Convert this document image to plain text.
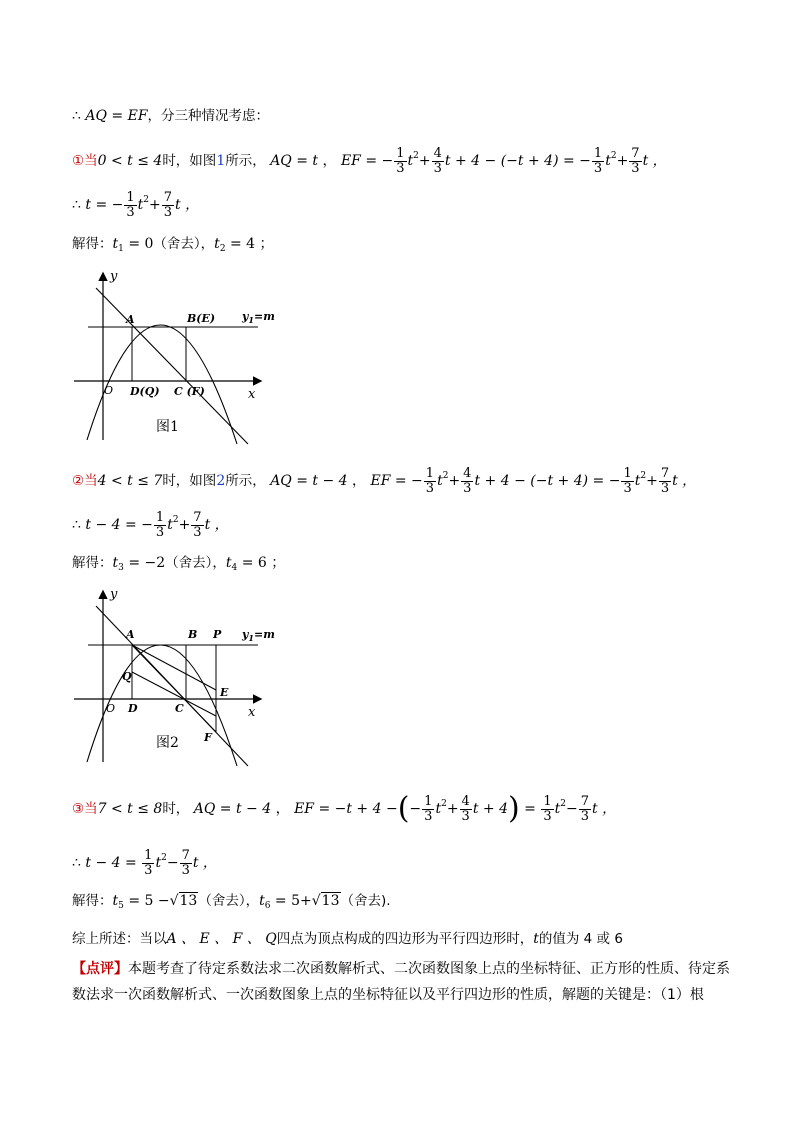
∴ AQ = EF，分三种情况考虑：
①当0 < t ≤ 4时，如图1所示， AQ = t ， EF = − $\frac{1}{3} t^2+ \frac{4}{3}$ t + 4 − (−t + 4) = − $\frac{1}{3} t^2+ \frac{7}{3}$ t ，
∴ t = − $\frac{1}{3} t^2+ \frac{7}{3}$ t ，
解得：$t_1 = 0$（舍去），$t_2 = 4$ ；
y
x
O
A	B(E) $y_1=m$
D(Q) C (F)
图1
②当4 < t ≤ 7时，如图2所示， AQ = t − 4 ， EF = − $\frac{1}{3} t^2+ \frac{4}{3}$ t + 4 − (−t + 4) = − $\frac{1}{3} t^2+ \frac{7}{3}$ t ，
∴ t − 4 = − $\frac{1}{3} t^2+ \frac{7}{3}$ t ，
解得：$t_3 = -2$（舍去），$t_4 = 6$ ；
y
x
O
A	B P $y_1=m$
Q
D	C
E
F
图2
③当7 < t ≤ 8时， AQ = t − 4 ， EF = −t + 4 −(− $\frac{1}{3} t^2+ \frac{4}{3}$ $t + 4) = \frac{1}{3} t^2- \frac{7}{3}$ t ，
∴ $t - 4 = \frac{1}{3} t^2- \frac{7}{3}$ t ，
解得：$t_5 = 5 -√13$（舍去），$t_6 = 5+√13$（舍去).
综上所述：当以A 、 E 、 F 、 Q四点为顶点构成的四边形为平行四边形时，t的值为 4 或 6
【点评】本题考查了待定系数法求二次函数解析式、二次函数图象上点的坐标特征、正方形的性质、待定系数法求一次函数解析式、一次函数图象上点的坐标特征以及平行四边形的性质，解题的关键是：（1）根
